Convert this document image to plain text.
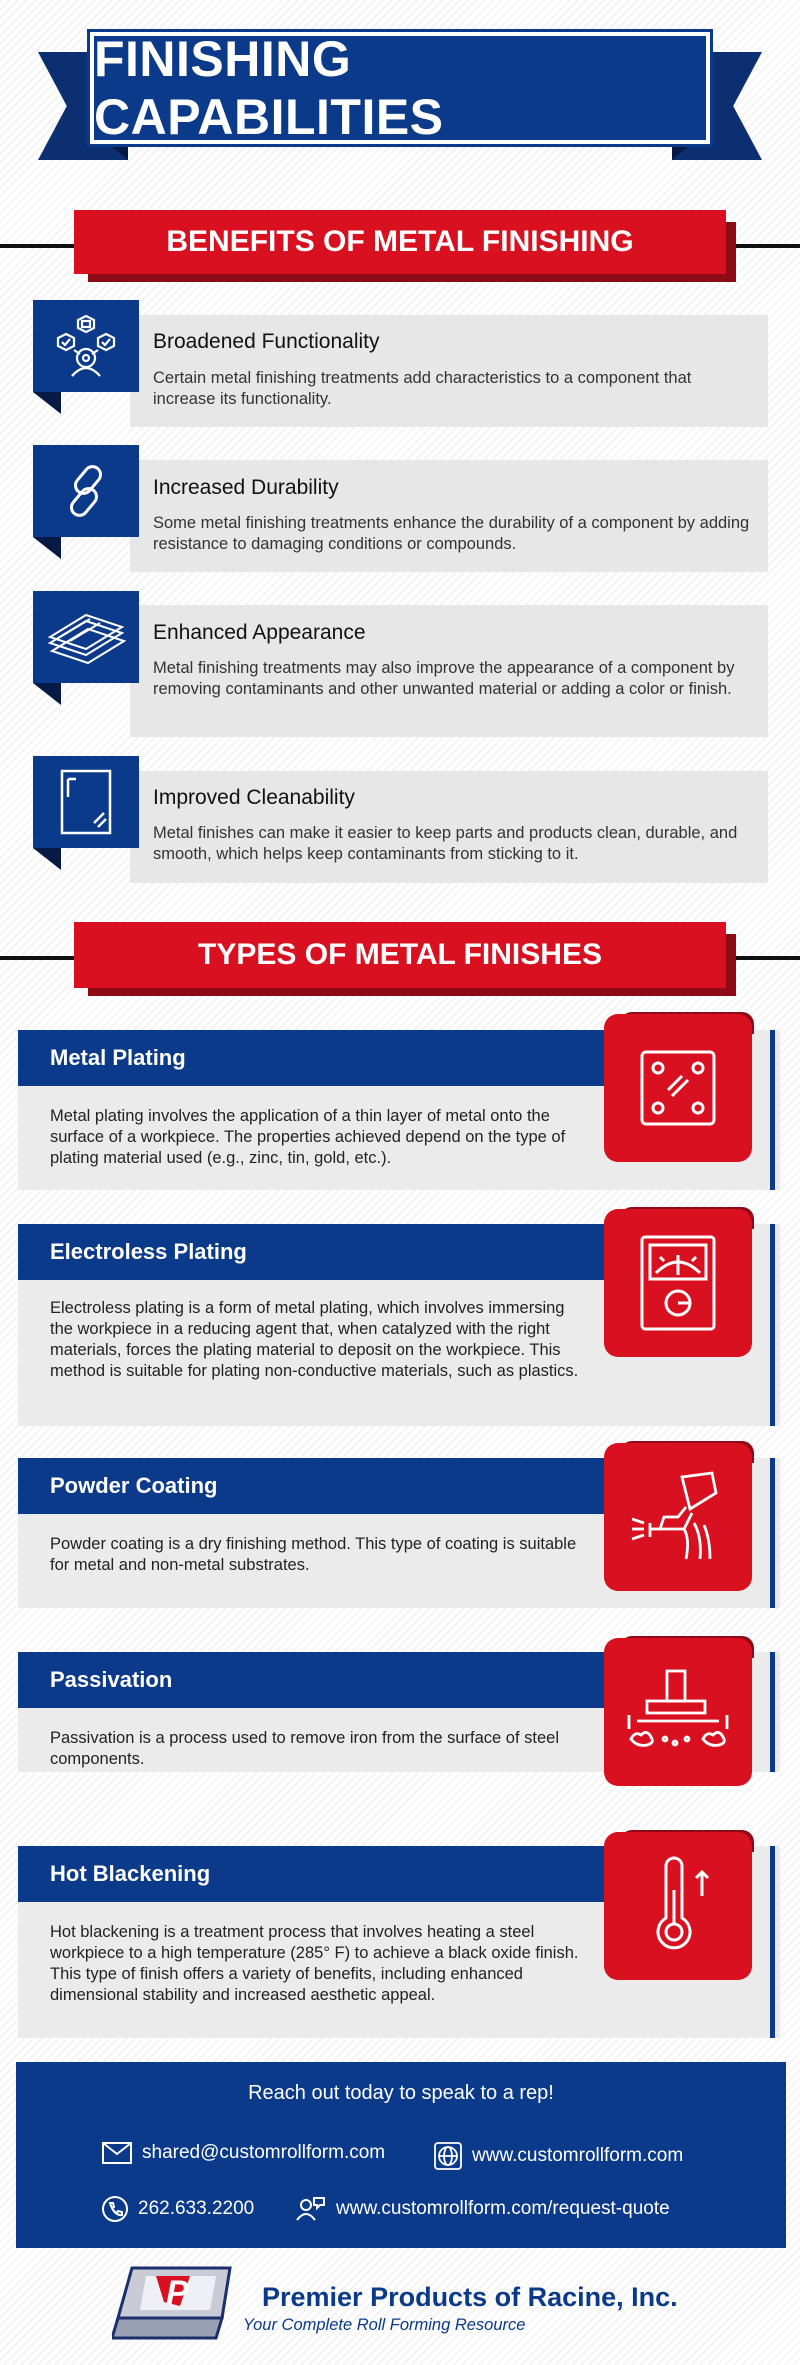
FINISHING CAPABILITIES
BENEFITS OF METAL FINISHING
Broadened Functionality
Certain metal finishing treatments add characteristics to a component that increase its functionality.
Increased Durability
Some metal finishing treatments enhance the durability of a component by adding resistance to damaging conditions or compounds.
Enhanced Appearance
Metal finishing treatments may also improve the appearance of a component by removing contaminants and other unwanted material or adding a color or finish.
Improved Cleanability
Metal finishes can make it easier to keep parts and products clean, durable, and smooth, which helps keep contaminants from sticking to it.
TYPES OF METAL FINISHES
Metal Plating
Metal plating involves the application of a thin layer of metal onto the surface of a workpiece. The properties achieved depend on the type of plating material used (e.g., zinc, tin, gold, etc.).
Electroless Plating
Electroless plating is a form of metal plating, which involves immersing the workpiece in a reducing agent that, when catalyzed with the right materials, forces the plating material to deposit on the workpiece. This method is suitable for plating non-conductive materials, such as plastics.
Powder Coating
Powder coating is a dry finishing method. This type of coating is suitable for metal and non-metal substrates.
Passivation
Passivation is a process used to remove iron from the surface of steel components.
Hot Blackening
Hot blackening is a treatment process that involves heating a steel workpiece to a high temperature (285° F) to achieve a black oxide finish. This type of finish offers a variety of benefits, including enhanced dimensional stability and increased aesthetic appeal.
Reach out today to speak to a rep!
shared@customrollform.com	www.customrollform.com
262.633.2200	www.customrollform.com/request-quote
P	Premier Products of Racine, Inc.
Your Complete Roll Forming Resource
